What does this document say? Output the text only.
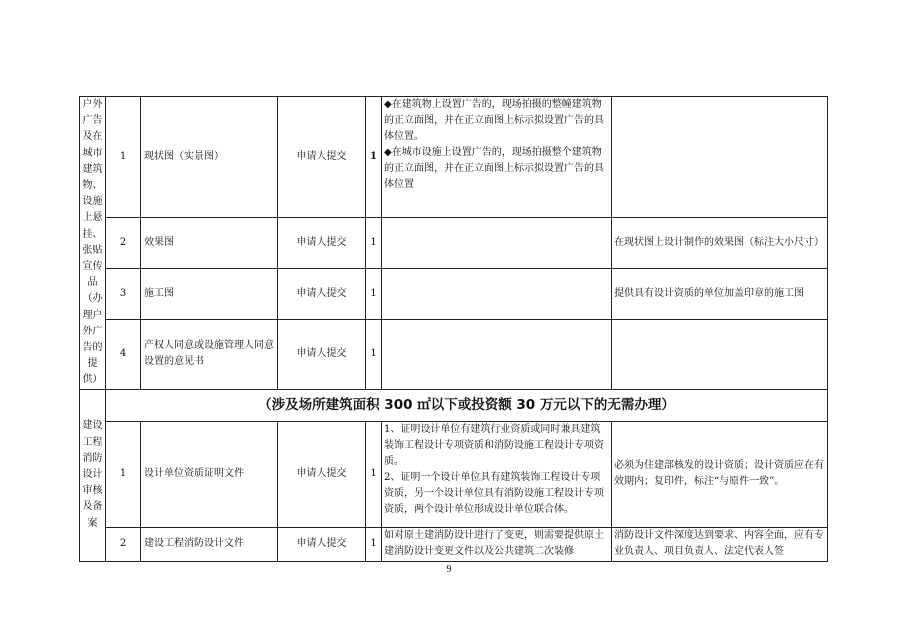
户外广告及在城市建筑物、设施上悬挂、张贴宣传品（办理户外广告的提供）	1	现状图（实景图）	申请人提交	1	◆在建筑物上设置广告的，现场拍摄的整幢建筑物的正立面图，并在正立面图上标示拟设置广告的具体位置。
◆在城市设施上设置广告的，现场拍摄整个建筑物的正立面图，并在正立面图上标示拟设置广告的具体位置	
	2	效果图	申请人提交	1		在现状图上设计制作的效果图（标注大小尺寸）
	3	施工图	申请人提交	1		提供具有设计资质的单位加盖印章的施工图
	4	产权人同意或设施管理人同意设置的意见书	申请人提交	1		
建设工程消防设计审核及备案	（涉及场所建筑面积 300 ㎡以下或投资额 30 万元以下的无需办理）					
	1	设计单位资质证明文件	申请人提交	1	1、证明设计单位有建筑行业资质或同时兼具建筑装饰工程设计专项资质和消防设施工程设计专项资质。
2、证明一个设计单位具有建筑装饰工程设计专项资质，另一个设计单位具有消防设施工程设计专项资质，两个设计单位形成设计单位联合体。	必须为住建部核发的设计资质；设计资质应在有效期内；复印件，标注“与原件一致”。
	2	建设工程消防设计文件	申请人提交	1	如对原土建消防设计进行了变更，则需要提供原土建消防设计变更文件以及公共建筑二次装修	消防设计文件深度达到要求、内容全面，应有专业负责人、项目负责人、法定代表人签
9
